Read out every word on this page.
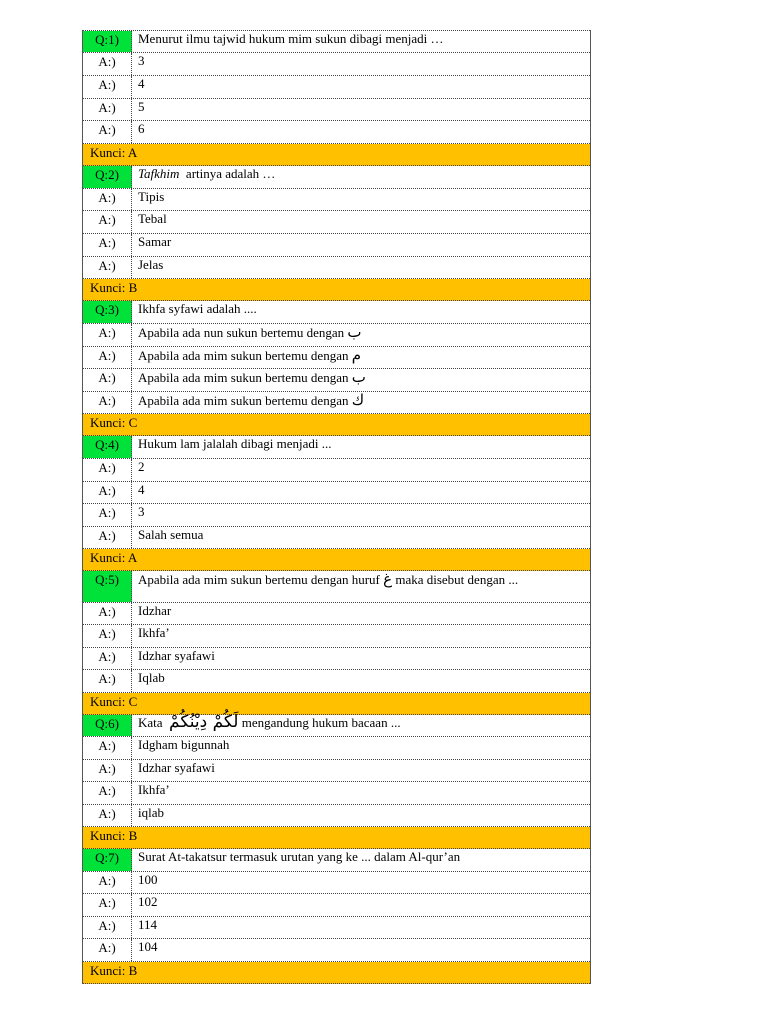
Q:1)	Menurut ilmu tajwid hukum mim sukun dibagi menjadi …
A:)	3
A:)	4
A:)	5
A:)	6
Kunci: A
Q:2)	Tafkhim  artinya adalah …
A:)	Tipis
A:)	Tebal
A:)	Samar
A:)	Jelas
Kunci: B
Q:3)	Ikhfa syfawi adalah ....
A:)	Apabila ada nun sukun bertemu dengan ب
A:)	Apabila ada mim sukun bertemu dengan م
A:)	Apabila ada mim sukun bertemu dengan ب
A:)	Apabila ada mim sukun bertemu dengan ك
Kunci: C
Q:4)	Hukum lam jalalah dibagi menjadi ...
A:)	2
A:)	4
A:)	3
A:)	Salah semua
Kunci: A
Q:5)	Apabila ada mim sukun bertemu dengan huruf غ maka disebut dengan ...
A:)	Idzhar
A:)	Ikhfa’
A:)	Idzhar syafawi
A:)	Iqlab
Kunci: C
Q:6)	Kata لَكُمْ دِيْنُكُمْ mengandung hukum bacaan ...
A:)	Idgham bigunnah
A:)	Idzhar syafawi
A:)	Ikhfa’
A:)	iqlab
Kunci: B
Q:7)	Surat At-takatsur termasuk urutan yang ke ... dalam Al-qur’an
A:)	100
A:)	102
A:)	114
A:)	104
Kunci: B
